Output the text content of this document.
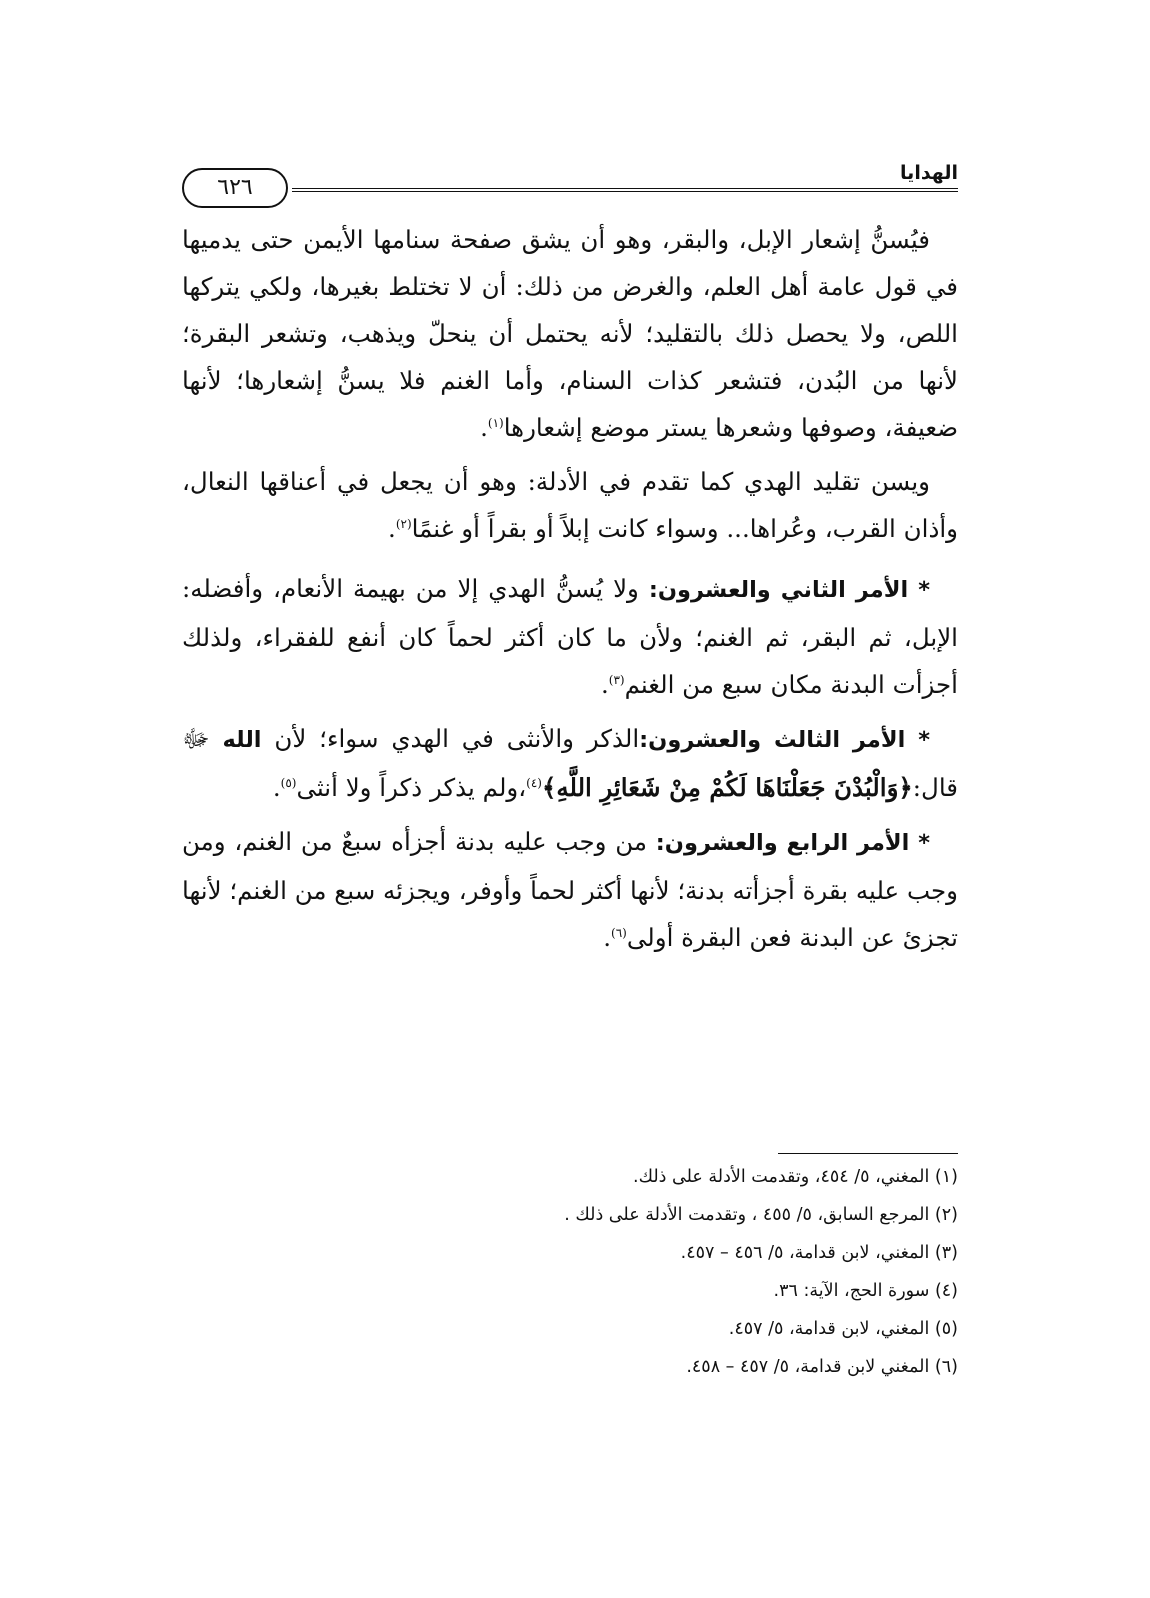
الهدايا
٦٢٦

فيُسنُّ إشعار الإبل، والبقر، وهو أن يشق صفحة سنامها الأيمن حتى يدميها في قول عامة أهل العلم، والغرض من ذلك: أن لا تختلط بغيرها، ولكي يتركها اللص، ولا يحصل ذلك بالتقليد؛ لأنه يحتمل أن ينحلّ ويذهب، وتشعر البقرة؛ لأنها من البُدن، فتشعر كذات السنام، وأما الغنم فلا يسنُّ إشعارها؛ لأنها ضعيفة، وصوفها وشعرها يستر موضع إشعارها$^{(١)}$.

ويسن تقليد الهدي كما تقدم في الأدلة: وهو أن يجعل في أعناقها النعال، وأذان القرب، وعُراها... وسواء كانت إبلاً أو بقراً أو غنمًا$^{(٢)}$.

* الأمر الثاني والعشرون: ولا يُسنُّ الهدي إلا من بهيمة الأنعام، وأفضله: الإبل، ثم البقر، ثم الغنم؛ ولأن ما كان أكثر لحماً كان أنفع للفقراء، ولذلك أجزأت البدنة مكان سبع من الغنم$^{(٣)}$.

* الأمر الثالث والعشرون:الذكر والأنثى في الهدي سواء؛ لأن الله ﷻ قال:﴿وَالْبُدْنَ جَعَلْنَاهَا لَكُمْ مِنْ شَعَائِرِ اللَّهِ﴾$^{(٤)}$،ولم يذكر ذكراً ولا أنثى$^{(٥)}$.

* الأمر الرابع والعشرون: من وجب عليه بدنة أجزأه سبعٌ من الغنم، ومن وجب عليه بقرة أجزأته بدنة؛ لأنها أكثر لحماً وأوفر، ويجزئه سبع من الغنم؛ لأنها تجزئ عن البدنة فعن البقرة أولى$^{(٦)}$.

(١) المغني، ٥/ ٤٥٤، وتقدمت الأدلة على ذلك.
(٢) المرجع السابق، ٥/ ٤٥٥ ، وتقدمت الأدلة على ذلك .
(٣) المغني، لابن قدامة، ٥/ ٤٥٦ – ٤٥٧.
(٤) سورة الحج، الآية: ٣٦.
(٥) المغني، لابن قدامة، ٥/ ٤٥٧.
(٦) المغني لابن قدامة، ٥/ ٤٥٧ – ٤٥٨.
